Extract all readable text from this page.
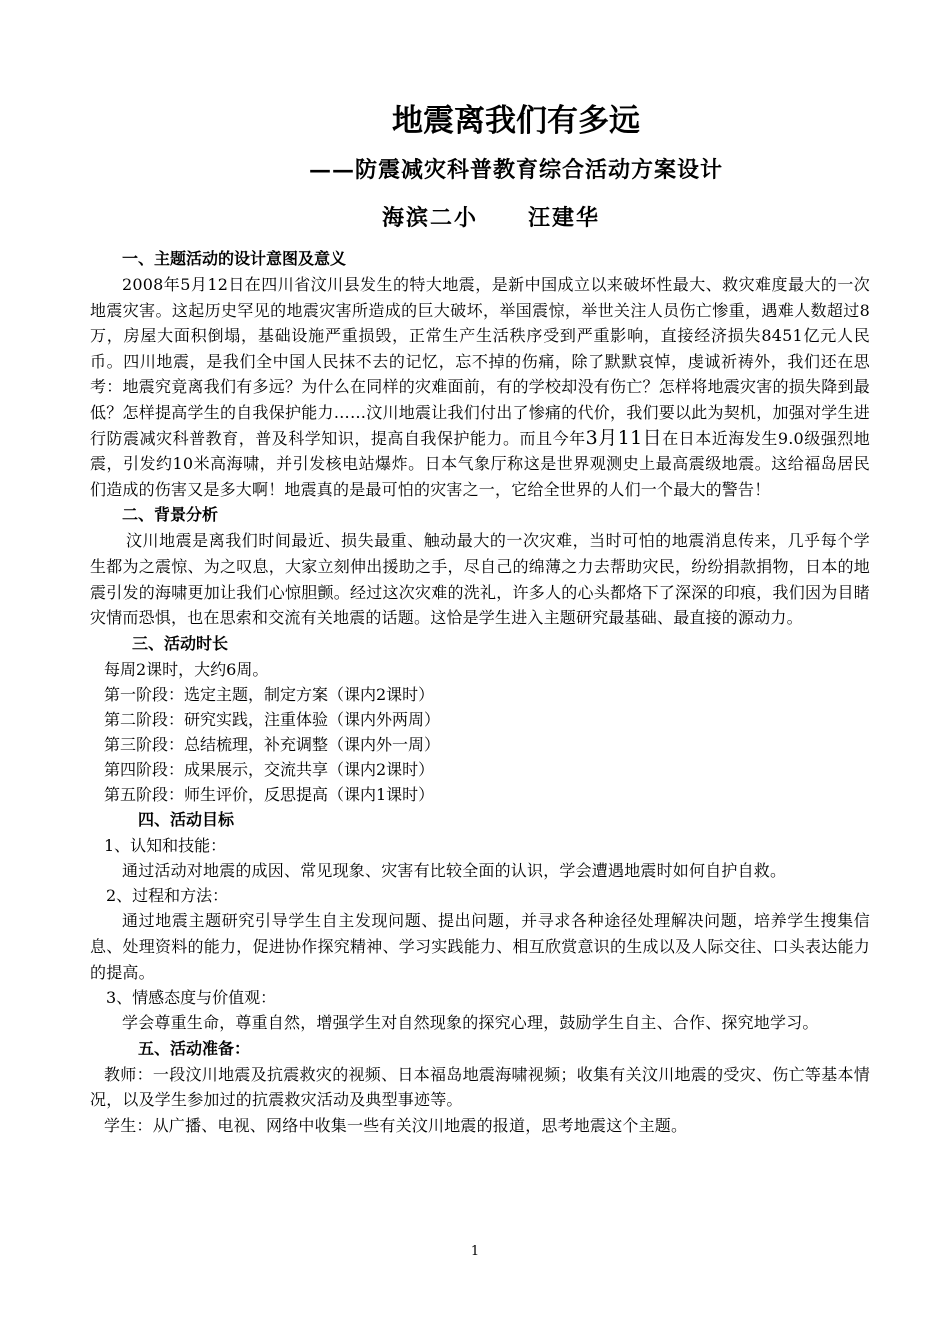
地震离我们有多远
——防震减灾科普教育综合活动方案设计
海滨二小 汪建华
一、主题活动的设计意图及意义
2008年5月12日在四川省汶川县发生的特大地震，是新中国成立以来破坏性最大、救灾难度最大的一次地震灾害。这起历史罕见的地震灾害所造成的巨大破坏，举国震惊，举世关注人员伤亡惨重，遇难人数超过8万，房屋大面积倒塌，基础设施严重损毁，正常生产生活秩序受到严重影响，直接经济损失8451亿元人民币。四川地震，是我们全中国人民抹不去的记忆，忘不掉的伤痛，除了默默哀悼，虔诚祈祷外，我们还在思考：地震究竟离我们有多远？为什么在同样的灾难面前，有的学校却没有伤亡？怎样将地震灾害的损失降到最低？怎样提高学生的自我保护能力……汶川地震让我们付出了惨痛的代价，我们要以此为契机，加强对学生进行防震减灾科普教育，普及科学知识，提高自我保护能力。而且今年3月11日在日本近海发生9.0级强烈地震，引发约10米高海啸，并引发核电站爆炸。日本气象厅称这是世界观测史上最高震级地震。这给福岛居民们造成的伤害又是多大啊！地震真的是最可怕的灾害之一，它给全世界的人们一个最大的警告！
二、背景分析
汶川地震是离我们时间最近、损失最重、触动最大的一次灾难，当时可怕的地震消息传来，几乎每个学生都为之震惊、为之叹息，大家立刻伸出援助之手，尽自己的绵薄之力去帮助灾民，纷纷捐款捐物，日本的地震引发的海啸更加让我们心惊胆颤。经过这次灾难的洗礼，许多人的心头都烙下了深深的印痕，我们因为目睹灾情而恐惧，也在思索和交流有关地震的话题。这恰是学生进入主题研究最基础、最直接的源动力。
三、活动时长
每周2课时，大约6周。
第一阶段：选定主题，制定方案（课内2课时）
第二阶段：研究实践，注重体验（课内外两周）
第三阶段：总结梳理，补充调整（课内外一周）
第四阶段：成果展示，交流共享（课内2课时）
第五阶段：师生评价，反思提高（课内1课时）
四、活动目标
1、认知和技能：
通过活动对地震的成因、常见现象、灾害有比较全面的认识，学会遭遇地震时如何自护自救。
2、过程和方法：
通过地震主题研究引导学生自主发现问题、提出问题，并寻求各种途径处理解决问题，培养学生搜集信息、处理资料的能力，促进协作探究精神、学习实践能力、相互欣赏意识的生成以及人际交往、口头表达能力的提高。
3、情感态度与价值观：
学会尊重生命，尊重自然，增强学生对自然现象的探究心理，鼓励学生自主、合作、探究地学习。
五、活动准备：
教师：一段汶川地震及抗震救灾的视频、日本福岛地震海啸视频；收集有关汶川地震的受灾、伤亡等基本情况，以及学生参加过的抗震救灾活动及典型事迹等。
学生：从广播、电视、网络中收集一些有关汶川地震的报道，思考地震这个主题。
1
